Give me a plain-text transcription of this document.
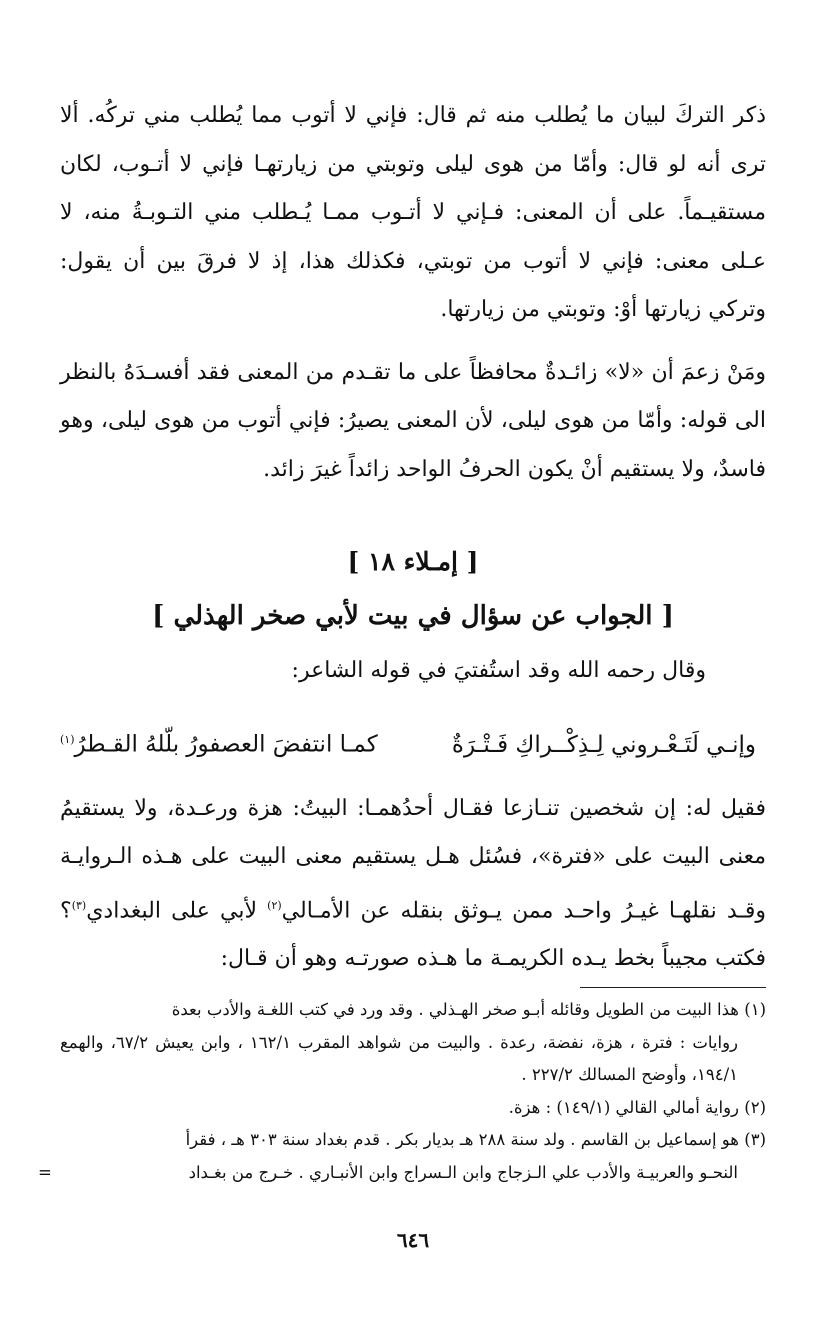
ذكر التركَ لبيان ما يُطلب منه ثم قال: فإني لا أتوب مما يُطلب مني تركُه. ألا ترى أنه لو قال: وأمّا من هوى ليلى وتوبتي من زيارتهـا فإني لا أتـوب، لكان مستقيـماً. على أن المعنى: فـإني لا أتـوب ممـا يُـطلب مني التـوبـةُ منه، لا عـلى معنى: فإني لا أتوب من توبتي، فكذلك هذا، إذ لا فرقَ بين أن يقول: وتركي زيارتها أوْ: وتوبتي من زيارتها.

ومَنْ زعمَ أن «لا» زائـدةٌ محافظاً على ما تقـدم من المعنى فقد أفسـدَهُ بالنظر الى قوله: وأمّا من هوى ليلى، لأن المعنى يصيرُ: فإني أتوب من هوى ليلى، وهو فاسدٌ، ولا يستقيم أنْ يكون الحرفُ الواحد زائداً غيرَ زائد.

[ إمـلاء ١٨ ]

[ الجواب عن سؤال في بيت لأبي صخر الهذلي ]

وقال رحمه الله وقد استُفتيَ في قوله الشاعر:

وإنـي لَتَـعْـروني لِـذِكْــراكِ فَـتْـرَةٌ
كمـا انتفضَ العصفورُ بلّلهُ القـطرُ$^{(١)}$

فقيل له: إن شخصين تنـازعا فقـال أحدُهمـا: البيتُ: هزة ورعـدة، ولا يستقيمُ معنى البيت على «فترة»، فسُئل هـل يستقيم معنى البيت على هـذه الـروايـة وقـد نقلهـا غيـرُ واحـد ممن يـوثق بنقله عن الأمـالي$^{(٢)}$ لأبي على البغدادي$^{(٣)}$؟ فكتب مجيباً بخط يـده الكريمـة ما هـذه صورتـه وهو أن قـال:

(١) هذا البيت من الطويل وقائله أبـو صخر الهـذلي . وقد ورد في كتب اللغـة والأدب بعدة
روايات : فترة ، هزة، نفضة، رعدة . والبيت من شواهد المقرب ١٦٢/١ ، وابن يعيش ٦٧/٢، والهمع ١٩٤/١، وأوضح المسالك ٢٢٧/٢ .

(٢) رواية أمالي القالي (١٤٩/١) : هزة.

(٣) هو إسماعيل بن القاسم . ولد سنة ٢٨٨ هـ بديار بكر . قدم بغداد سنة ٣٠٣ هـ ، فقرأ
النحـو والعربيـة والأدب علي الـزجاج وابن الـسراج وابن الأنبـاري . خـرج من بغـداد
=

٦٤٦
